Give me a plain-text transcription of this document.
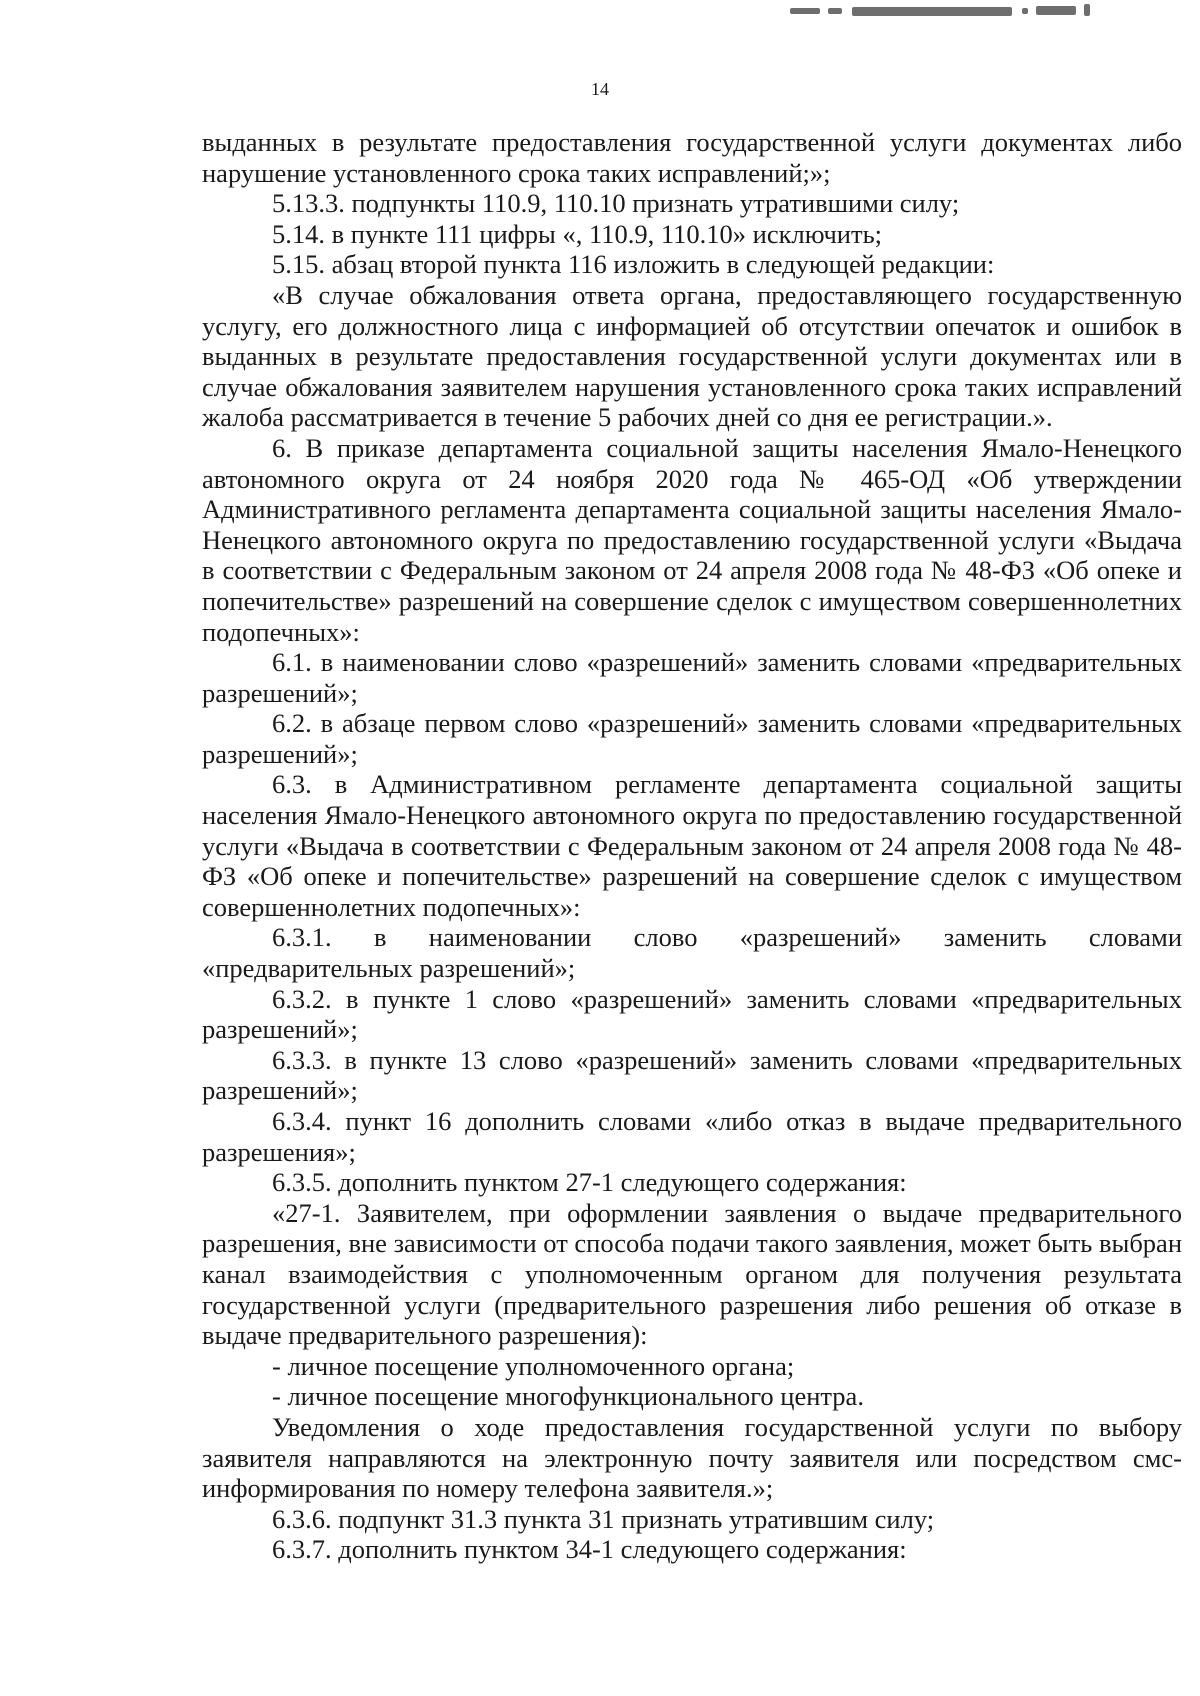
14

выданных в результате предоставления государственной услуги документах либо нарушение установленного срока таких исправлений;»;

5.13.3. подпункты 110.9, 110.10 признать утратившими силу;

5.14. в пункте 111 цифры «, 110.9, 110.10» исключить;

5.15. абзац второй пункта 116 изложить в следующей редакции:

«В случае обжалования ответа органа, предоставляющего государственную услугу, его должностного лица с информацией об отсутствии опечаток и ошибок в выданных в результате предоставления государственной услуги документах или в случае обжалования заявителем нарушения установленного срока таких исправлений жалоба рассматривается в течение 5 рабочих дней со дня ее регистрации.».

6. В приказе департамента социальной защиты населения Ямало-Ненецкого автономного округа от 24 ноября 2020 года № 465-ОД «Об утверждении Административного регламента департамента социальной защиты населения Ямало-Ненецкого автономного округа по предоставлению государственной услуги «Выдача в соответствии с Федеральным законом от 24 апреля 2008 года № 48-ФЗ «Об опеке и попечительстве» разрешений на совершение сделок с имуществом совершеннолетних подопечных»:

6.1. в наименовании слово «разрешений» заменить словами «предварительных разрешений»;

6.2. в абзаце первом слово «разрешений» заменить словами «предварительных разрешений»;

6.3. в Административном регламенте департамента социальной защиты населения Ямало-Ненецкого автономного округа по предоставлению государственной услуги «Выдача в соответствии с Федеральным законом от 24 апреля 2008 года № 48-ФЗ «Об опеке и попечительстве» разрешений на совершение сделок с имуществом совершеннолетних подопечных»:

6.3.1. в наименовании слово «разрешений» заменить словами «предварительных разрешений»;

6.3.2. в пункте 1 слово «разрешений» заменить словами «предварительных разрешений»;

6.3.3. в пункте 13 слово «разрешений» заменить словами «предварительных разрешений»;

6.3.4. пункт 16 дополнить словами «либо отказ в выдаче предварительного разрешения»;

6.3.5. дополнить пунктом 27-1 следующего содержания:

«27-1. Заявителем, при оформлении заявления о выдаче предварительного разрешения, вне зависимости от способа подачи такого заявления, может быть выбран канал взаимодействия с уполномоченным органом для получения результата государственной услуги (предварительного разрешения либо решения об отказе в выдаче предварительного разрешения):

- личное посещение уполномоченного органа;

- личное посещение многофункционального центра.

Уведомления о ходе предоставления государственной услуги по выбору заявителя направляются на электронную почту заявителя или посредством смс-информирования по номеру телефона заявителя.»;

6.3.6. подпункт 31.3 пункта 31 признать утратившим силу;

6.3.7. дополнить пунктом 34-1 следующего содержания:
